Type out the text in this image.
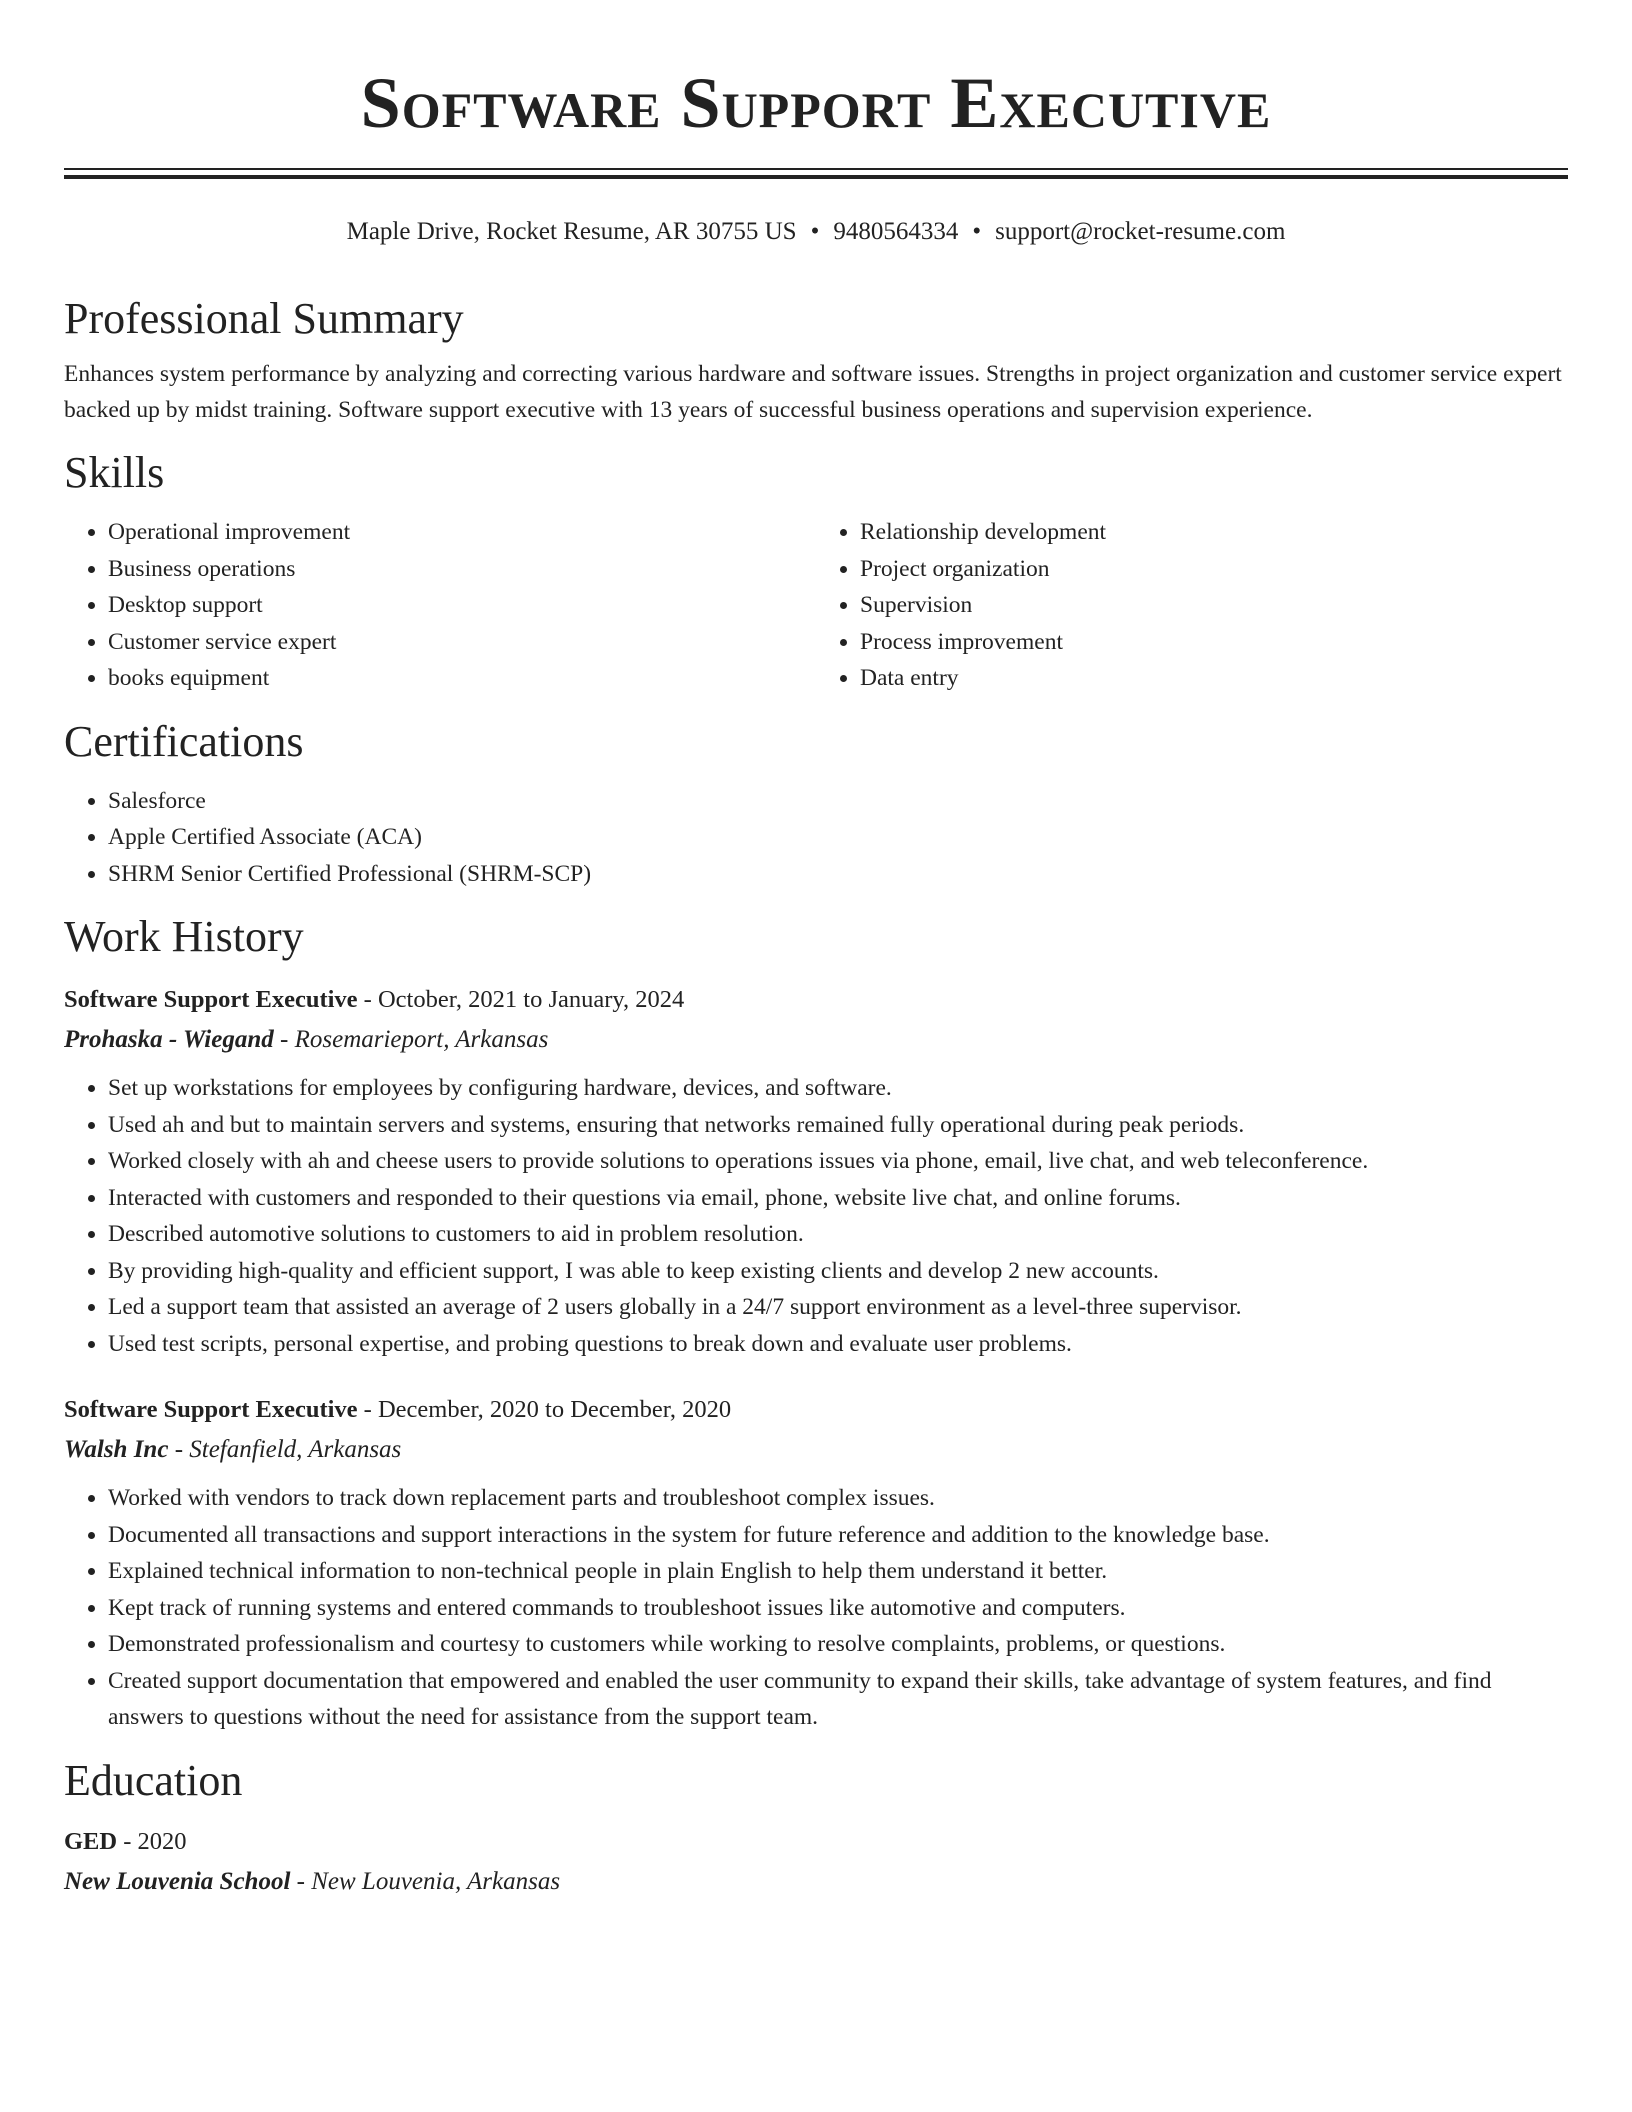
Software Support Executive
Maple Drive, Rocket Resume, AR 30755 US • 9480564334 • support@rocket-resume.com
Professional Summary

Enhances system performance by analyzing and correcting various hardware and software issues. Strengths in project organization and customer service expert backed up by midst training. Software support executive with 13 years of successful business operations and supervision experience.

Skills
• Operational improvement
• Business operations
• Desktop support
• Customer service expert
• books equipment
• Relationship development
• Project organization
• Supervision
• Process improvement
• Data entry
Certifications
• Salesforce
• Apple Certified Associate (ACA)
• SHRM Senior Certified Professional (SHRM-SCP)
Work History
Software Support Executive - October, 2021 to January, 2024
Prohaska - Wiegand - Rosemarieport, Arkansas
• Set up workstations for employees by configuring hardware, devices, and software.
• Used ah and but to maintain servers and systems, ensuring that networks remained fully operational during peak periods.
• Worked closely with ah and cheese users to provide solutions to operations issues via phone, email, live chat, and web teleconference.
• Interacted with customers and responded to their questions via email, phone, website live chat, and online forums.
• Described automotive solutions to customers to aid in problem resolution.
• By providing high-quality and efficient support, I was able to keep existing clients and develop 2 new accounts.
• Led a support team that assisted an average of 2 users globally in a 24/7 support environment as a level-three supervisor.
• Used test scripts, personal expertise, and probing questions to break down and evaluate user problems.
Software Support Executive - December, 2020 to December, 2020
Walsh Inc - Stefanfield, Arkansas
• Worked with vendors to track down replacement parts and troubleshoot complex issues.
• Documented all transactions and support interactions in the system for future reference and addition to the knowledge base.
• Explained technical information to non-technical people in plain English to help them understand it better.
• Kept track of running systems and entered commands to troubleshoot issues like automotive and computers.
• Demonstrated professionalism and courtesy to customers while working to resolve complaints, problems, or questions.
• Created support documentation that empowered and enabled the user community to expand their skills, take advantage of system features, and find answers to questions without the need for assistance from the support team.
Education
GED - 2020
New Louvenia School - New Louvenia, Arkansas
